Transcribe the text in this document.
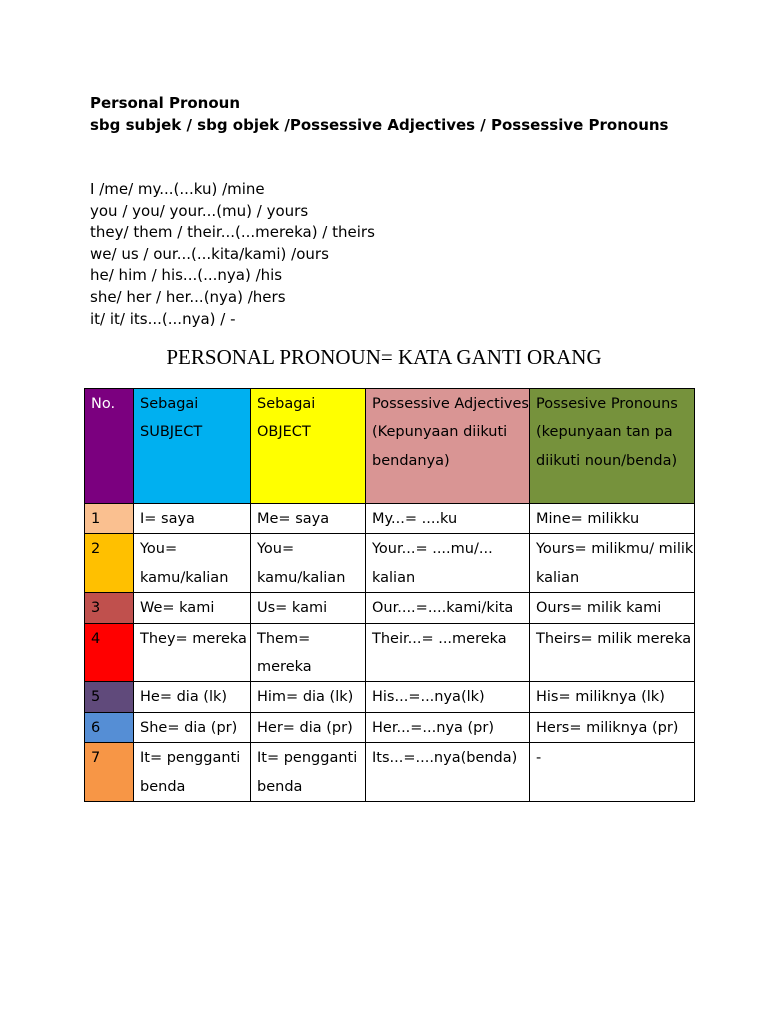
Personal Pronoun
sbg subjek / sbg objek /Possessive Adjectives / Possessive Pronouns
I /me/ my...(...ku) /mine
you / you/ your...(mu) / yours
they/ them / their...(...mereka) / theirs
we/ us / our...(...kita/kami) /ours
he/ him / his...(...nya) /his
she/ her / her...(nya) /hers
it/ it/ its...(...nya) / -
PERSONAL PRONOUN= KATA GANTI ORANG
No.	Sebagai SUBJECT	Sebagai OBJECT	Possessive Adjectives (Kepunyaan diikuti bendanya)	Possesive Pronouns (kepunyaan tan pa diikuti noun/benda)
1	I= saya	Me= saya	My...= ....ku	Mine= milikku
2	You= kamu/kalian	You= kamu/kalian	Your...= ....mu/... kalian	Yours= milikmu/ milik kalian
3	We= kami	Us= kami	Our....=....kami/kita	Ours= milik kami
4	They= mereka	Them= mereka	Their...= ...mereka	Theirs= milik mereka
5	He= dia (lk)	Him= dia (lk)	His...=...nya(lk)	His= miliknya (lk)
6	She= dia (pr)	Her= dia (pr)	Her...=...nya (pr)	Hers= miliknya (pr)
7	It= pengganti benda	It= pengganti benda	Its...=....nya(benda)	-
